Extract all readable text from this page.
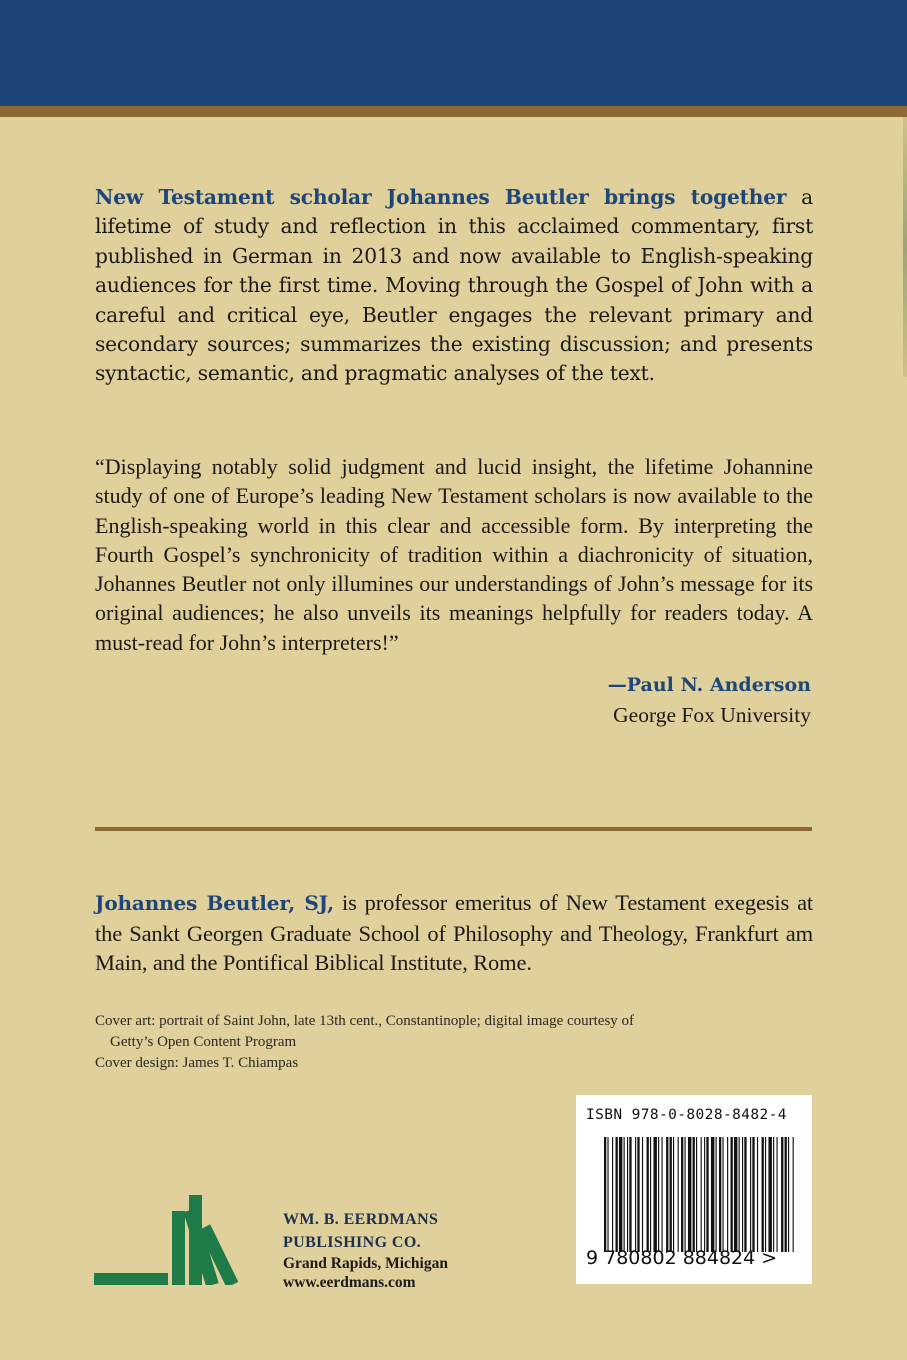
New Testament scholar Johannes Beutler brings together a lifetime of study and reflection in this acclaimed commentary, first published in German in 2013 and now available to English-speaking audiences for the first time. Moving through the Gospel of John with a careful and critical eye, Beutler engages the relevant primary and secondary sources; summarizes the existing discussion; and presents syntactic, semantic, and pragmatic analyses of the text.
“Displaying notably solid judgment and lucid insight, the lifetime Johannine study of one of Europe’s leading New Testament scholars is now available to the English-speaking world in this clear and accessible form. By interpreting the Fourth Gospel’s synchronicity of tradition within a diachronicity of situation, Johannes Beutler not only illumines our understandings of John’s message for its original audiences; he also unveils its meanings helpfully for readers today. A must-read for John’s interpreters!”
—Paul N. Anderson
George Fox University
Johannes Beutler, SJ, is professor emeritus of New Testament exegesis at the Sankt Georgen Graduate School of Philosophy and Theology, Frankfurt am Main, and the Pontifical Biblical Institute, Rome.
Cover art: portrait of Saint John, late 13th cent., Constantinople; digital image courtesy of
Getty’s Open Content Program
Cover design: James T. Chiampas
WM. B. EERDMANS
PUBLISHING CO.
Grand Rapids, Michigan
www.eerdmans.com
ISBN 978-0-8028-8482-4
9 780802 884824 >
